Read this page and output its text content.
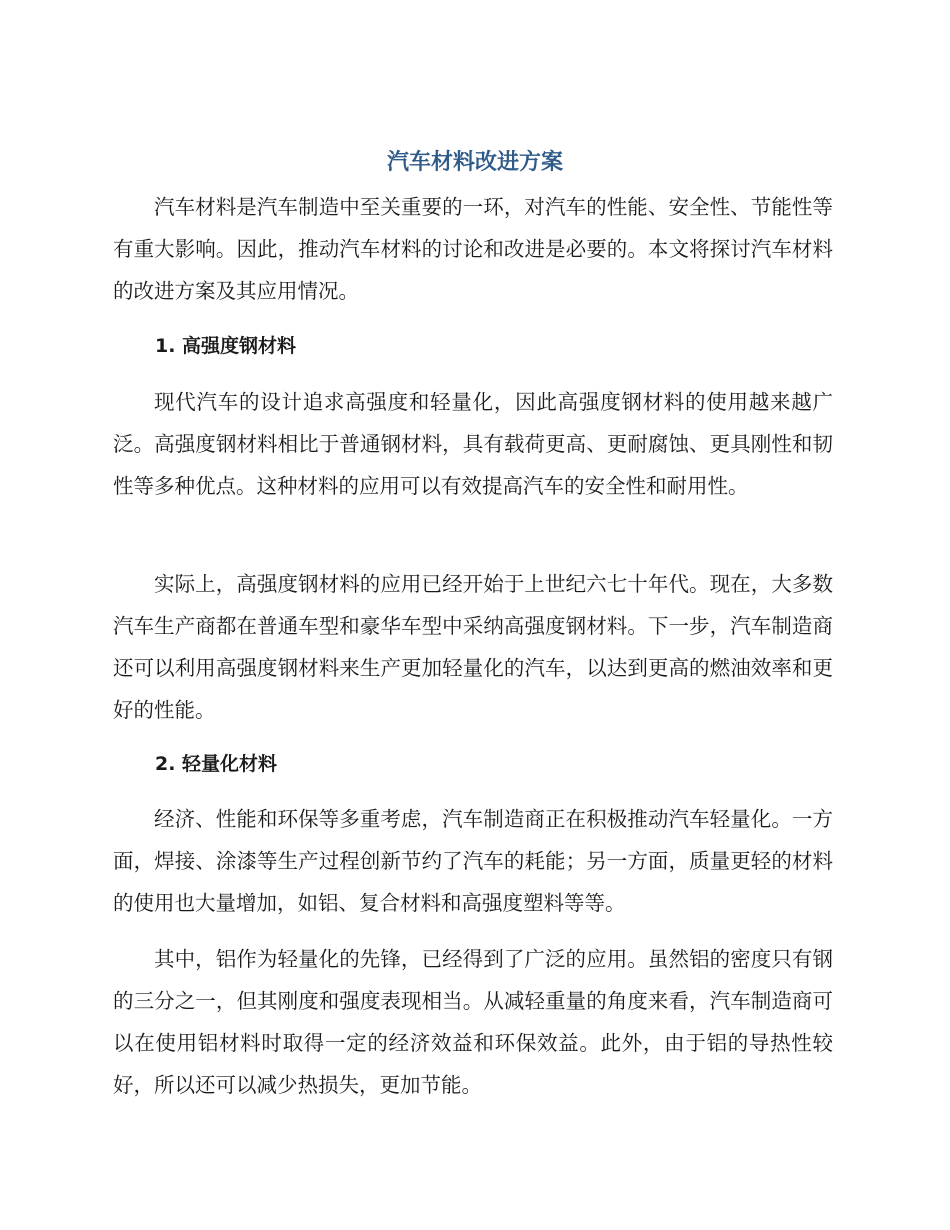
汽车材料改进方案

汽车材料是汽车制造中至关重要的一环，对汽车的性能、安全性、节能性等有重大影响。因此，推动汽车材料的讨论和改进是必要的。本文将探讨汽车材料的改进方案及其应用情况。

1. 高强度钢材料

现代汽车的设计追求高强度和轻量化，因此高强度钢材料的使用越来越广泛。高强度钢材料相比于普通钢材料，具有载荷更高、更耐腐蚀、更具刚性和韧性等多种优点。这种材料的应用可以有效提高汽车的安全性和耐用性。

实际上，高强度钢材料的应用已经开始于上世纪六七十年代。现在，大多数汽车生产商都在普通车型和豪华车型中采纳高强度钢材料。下一步，汽车制造商还可以利用高强度钢材料来生产更加轻量化的汽车，以达到更高的燃油效率和更好的性能。

2. 轻量化材料

经济、性能和环保等多重考虑，汽车制造商正在积极推动汽车轻量化。一方面，焊接、涂漆等生产过程创新节约了汽车的耗能；另一方面，质量更轻的材料的使用也大量增加，如铝、复合材料和高强度塑料等等。

其中，铝作为轻量化的先锋，已经得到了广泛的应用。虽然铝的密度只有钢的三分之一，但其刚度和强度表现相当。从减轻重量的角度来看，汽车制造商可以在使用铝材料时取得一定的经济效益和环保效益。此外，由于铝的导热性较好，所以还可以减少热损失，更加节能。
